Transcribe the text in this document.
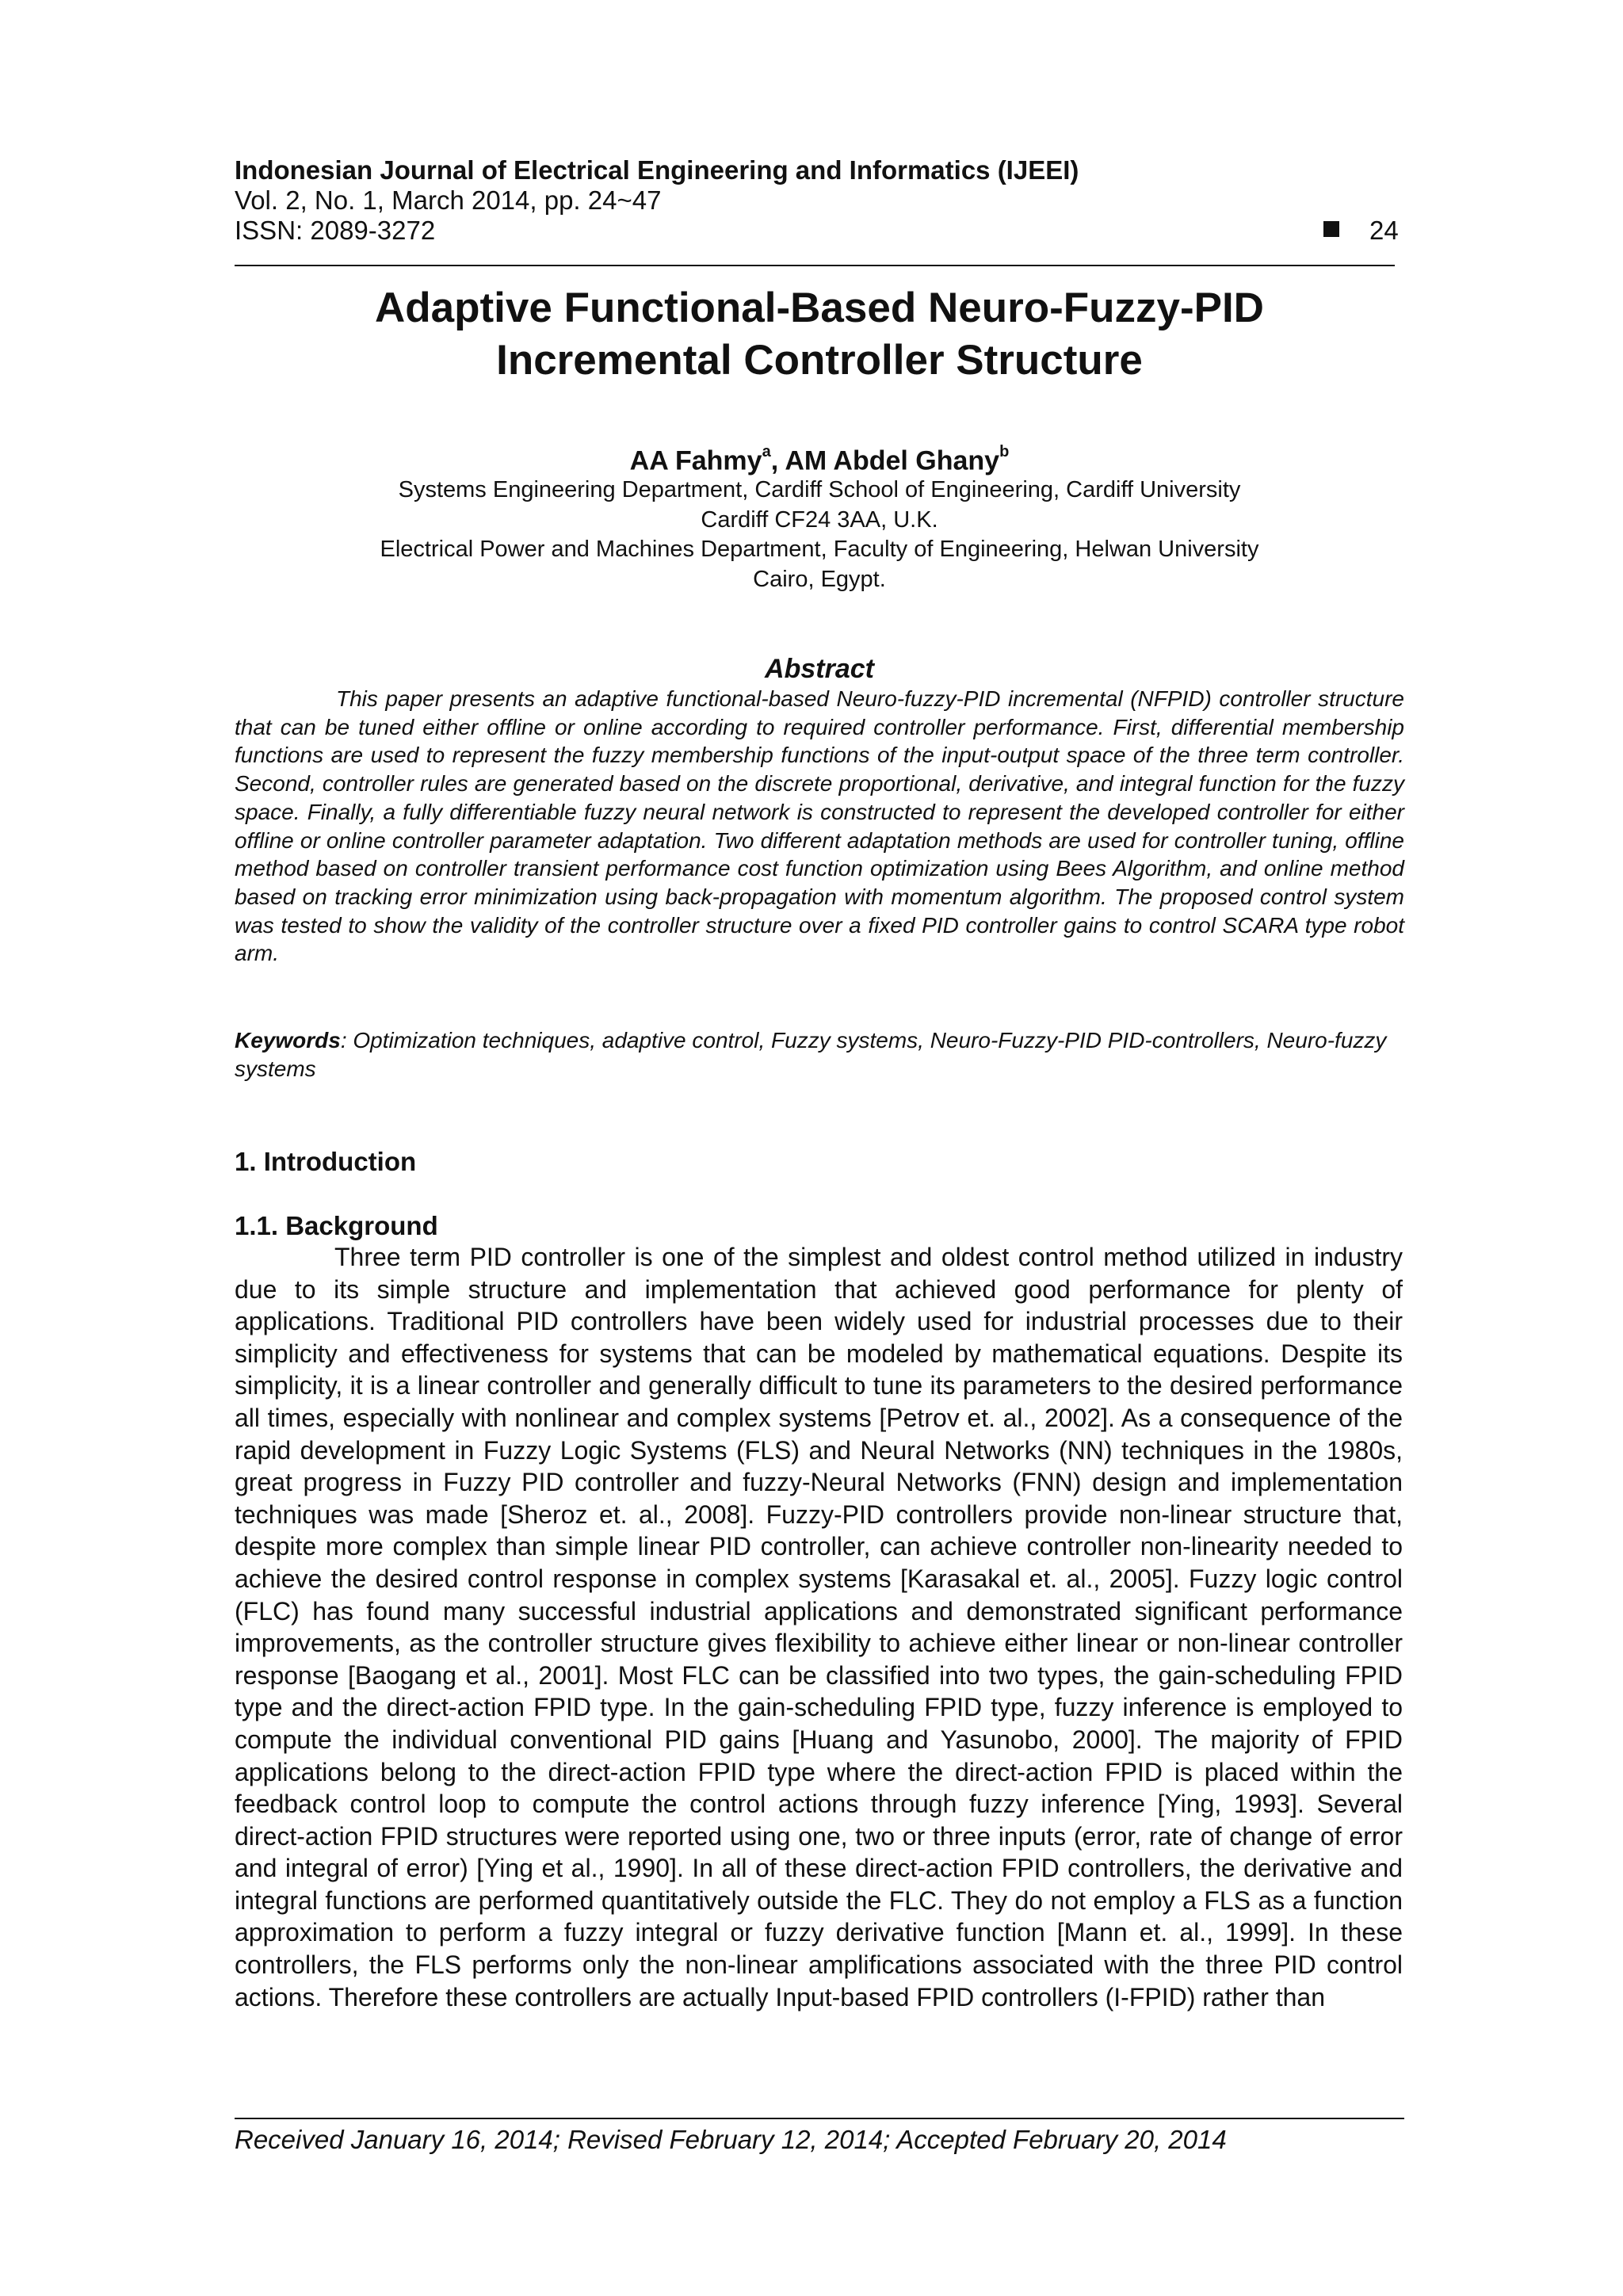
Indonesian Journal of Electrical Engineering and Informatics (IJEEI)
Vol. 2, No. 1, March 2014, pp. 24~47
ISSN: 2089-3272	24
Adaptive Functional-Based Neuro-Fuzzy-PID
Incremental Controller Structure
AA Fahmy$^a$, AM Abdel Ghany$^b$
Systems Engineering Department, Cardiff School of Engineering, Cardiff University
Cardiff CF24 3AA, U.K.
Electrical Power and Machines Department, Faculty of Engineering, Helwan University
Cairo, Egypt.
Abstract

This paper presents an adaptive functional-based Neuro-fuzzy-PID incremental (NFPID) controller structure that can be tuned either offline or online according to required controller performance. First, differential membership functions are used to represent the fuzzy membership functions of the input-output space of the three term controller. Second, controller rules are generated based on the discrete proportional, derivative, and integral function for the fuzzy space. Finally, a fully differentiable fuzzy neural network is constructed to represent the developed controller for either offline or online controller parameter adaptation. Two different adaptation methods are used for controller tuning, offline method based on controller transient performance cost function optimization using Bees Algorithm, and online method based on tracking error minimization using back-propagation with momentum algorithm. The proposed control system was tested to show the validity of the controller structure over a fixed PID controller gains to control SCARA type robot arm.

Keywords: Optimization techniques, adaptive control, Fuzzy systems, Neuro-Fuzzy-PID PID-controllers, Neuro-fuzzy systems

1. Introduction
1.1. Background

Three term PID controller is one of the simplest and oldest control method utilized in industry due to its simple structure and implementation that achieved good performance for plenty of applications. Traditional PID controllers have been widely used for industrial processes due to their simplicity and effectiveness for systems that can be modeled by mathematical equations. Despite its simplicity, it is a linear controller and generally difficult to tune its parameters to the desired performance all times, especially with nonlinear and complex systems [Petrov et. al., 2002]. As a consequence of the rapid development in Fuzzy Logic Systems (FLS) and Neural Networks (NN) techniques in the 1980s, great progress in Fuzzy PID controller and fuzzy-Neural Networks (FNN) design and implementation techniques was made [Sheroz et. al., 2008]. Fuzzy-PID controllers provide non-linear structure that, despite more complex than simple linear PID controller, can achieve controller non-linearity needed to achieve the desired control response in complex systems [Karasakal et. al., 2005]. Fuzzy logic control (FLC) has found many successful industrial applications and demonstrated significant performance improvements, as the controller structure gives flexibility to achieve either linear or non-linear controller response [Baogang et al., 2001]. Most FLC can be classified into two types, the gain-scheduling FPID type and the direct-action FPID type. In the gain-scheduling FPID type, fuzzy inference is employed to compute the individual conventional PID gains [Huang and Yasunobo, 2000]. The majority of FPID applications belong to the direct-action FPID type where the direct-action FPID is placed within the feedback control loop to compute the control actions through fuzzy inference [Ying, 1993]. Several direct-action FPID structures were reported using one, two or three inputs (error, rate of change of error and integral of error) [Ying et al., 1990]. In all of these direct-action FPID controllers, the derivative and integral functions are performed quantitatively outside the FLC. They do not employ a FLS as a function approximation to perform a fuzzy integral or fuzzy derivative function [Mann et. al., 1999]. In these controllers, the FLS performs only the non-linear amplifications associated with the three PID control actions. Therefore these controllers are actually Input-based FPID controllers (I-FPID) rather than

Received January 16, 2014; Revised February 12, 2014; Accepted February 20, 2014
